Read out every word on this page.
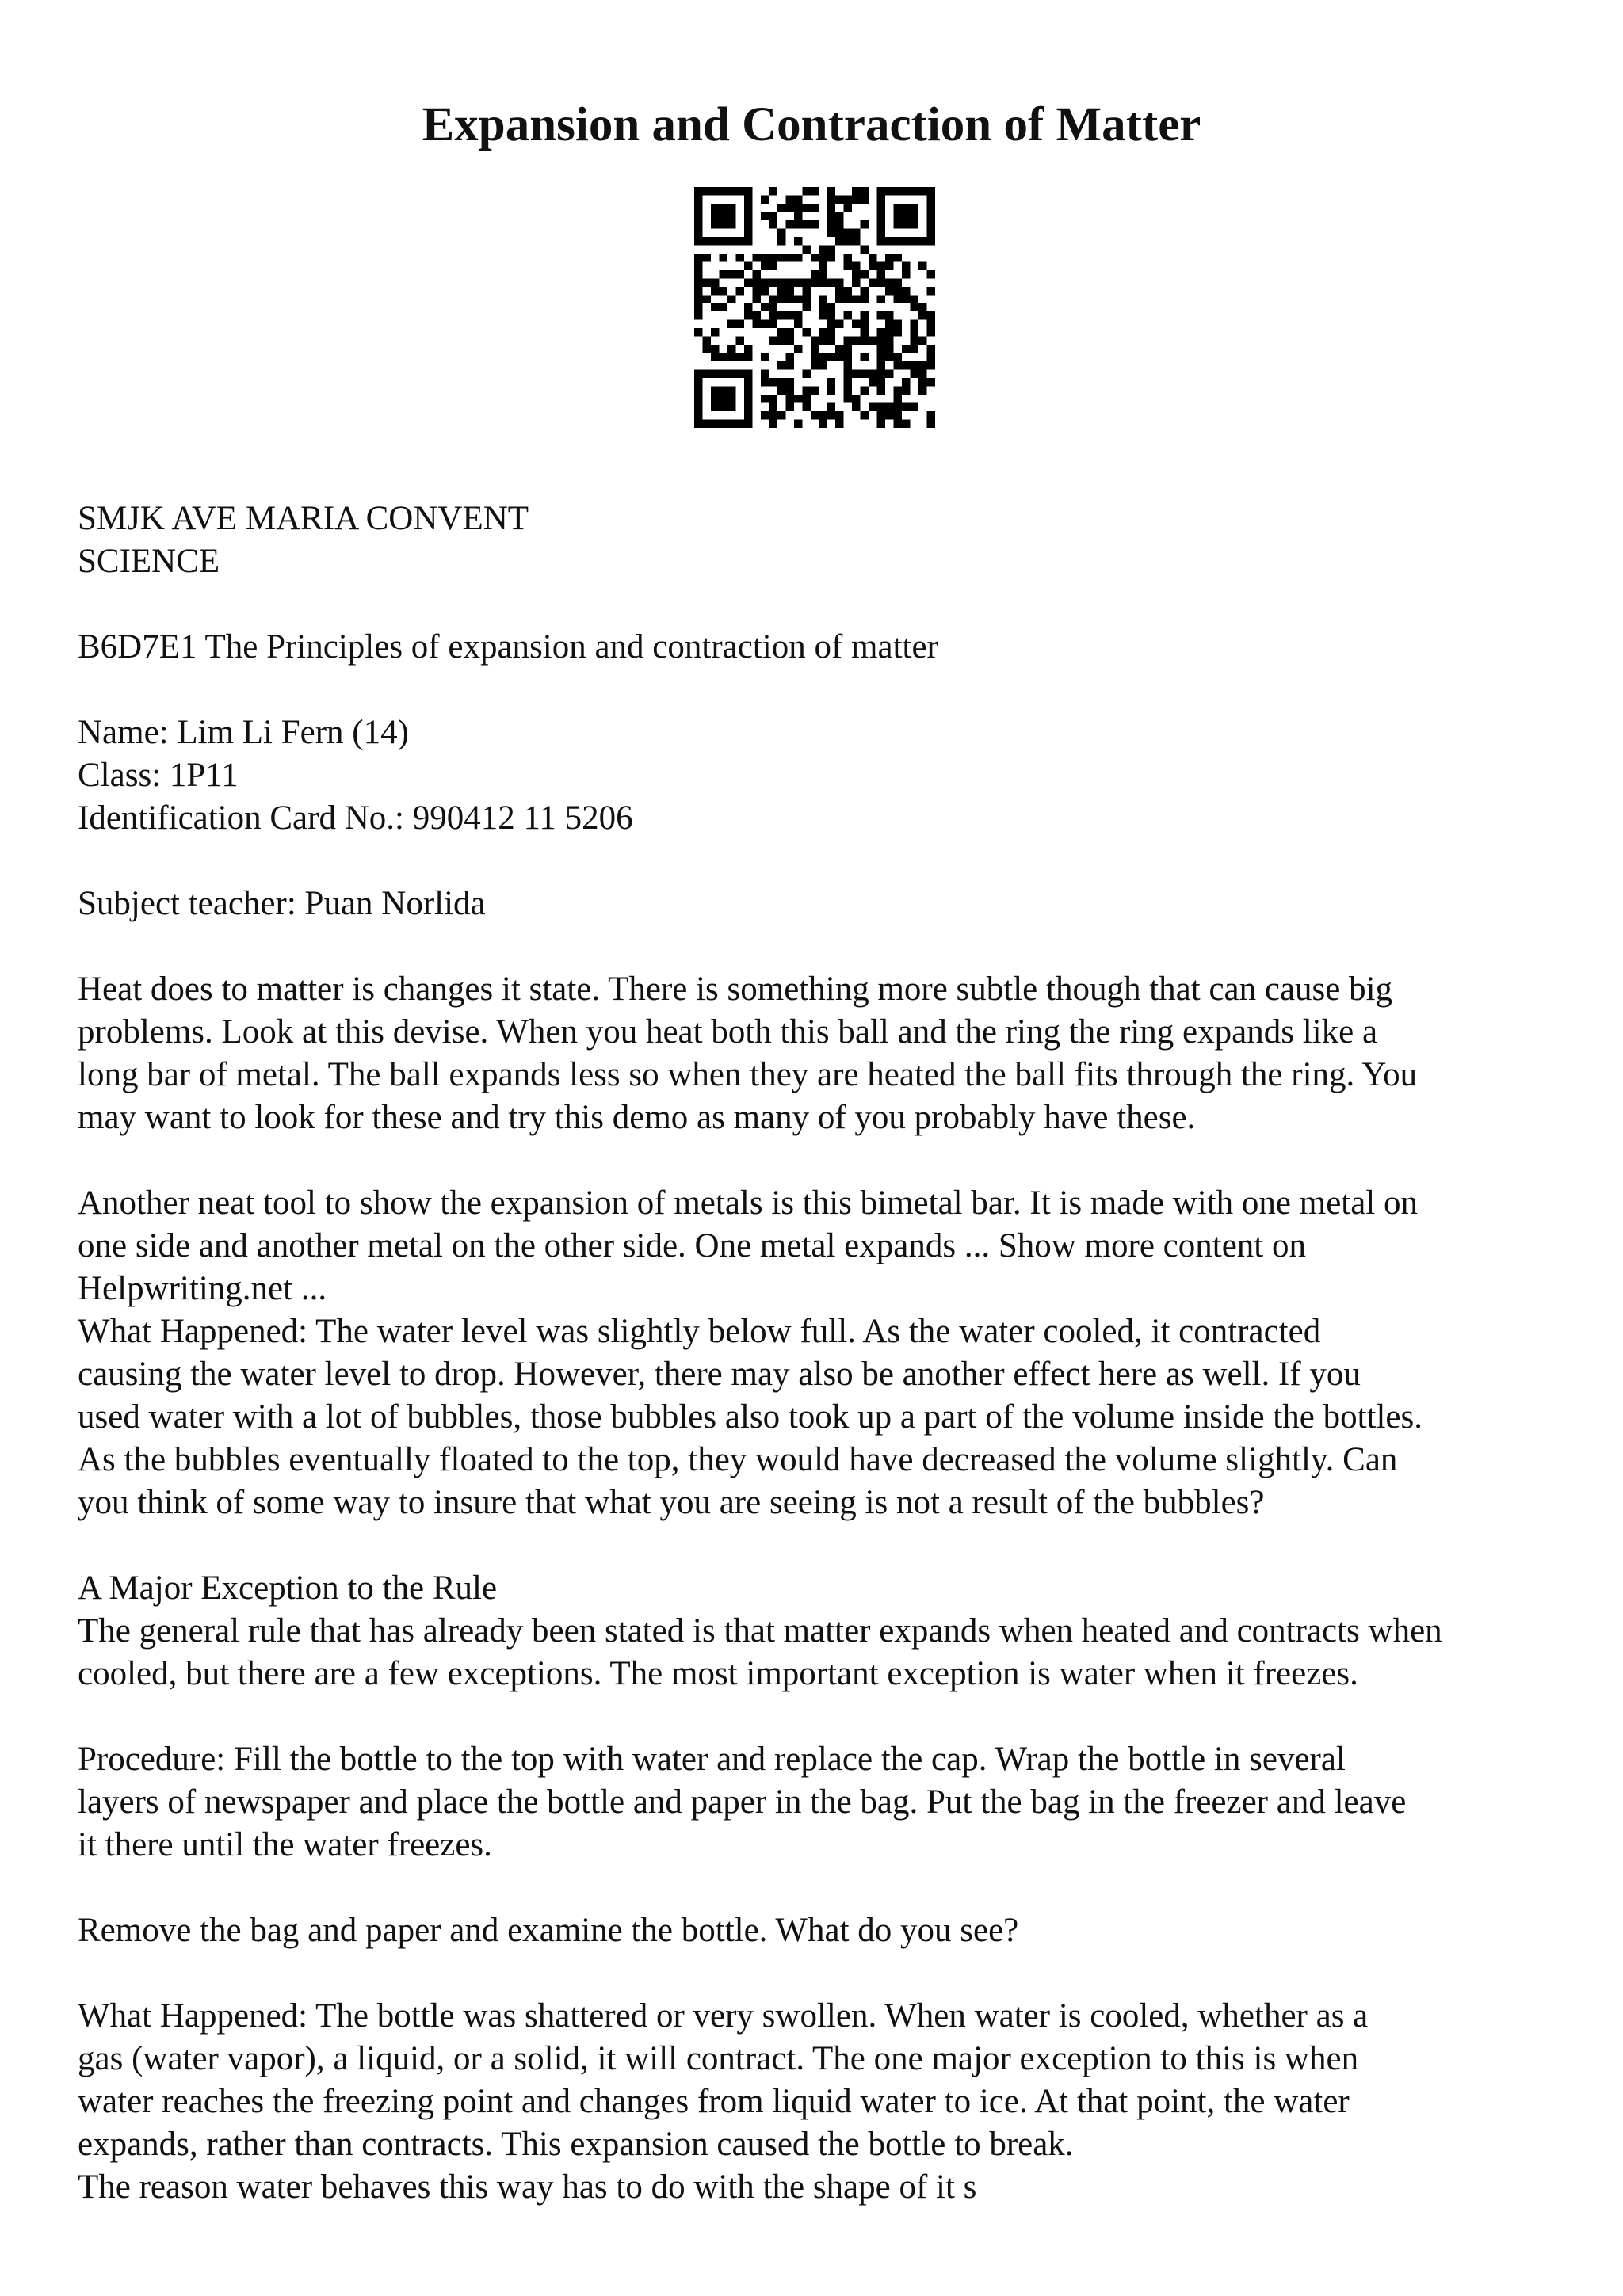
Expansion and Contraction of Matter

SMJK AVE MARIA CONVENT

SCIENCE

B6D7E1 The Principles of expansion and contraction of matter

Name: Lim Li Fern (14)

Class: 1P11

Identification Card No.: 990412 11 5206

Subject teacher: Puan Norlida

Heat does to matter is changes it state. There is something more subtle though that can cause big

problems. Look at this devise. When you heat both this ball and the ring the ring expands like a

long bar of metal. The ball expands less so when they are heated the ball fits through the ring. You

may want to look for these and try this demo as many of you probably have these.

Another neat tool to show the expansion of metals is this bimetal bar. It is made with one metal on

one side and another metal on the other side. One metal expands ... Show more content on

Helpwriting.net ...

What Happened: The water level was slightly below full. As the water cooled, it contracted

causing the water level to drop. However, there may also be another effect here as well. If you

used water with a lot of bubbles, those bubbles also took up a part of the volume inside the bottles.

As the bubbles eventually floated to the top, they would have decreased the volume slightly. Can

you think of some way to insure that what you are seeing is not a result of the bubbles?

A Major Exception to the Rule

The general rule that has already been stated is that matter expands when heated and contracts when

cooled, but there are a few exceptions. The most important exception is water when it freezes.

Procedure: Fill the bottle to the top with water and replace the cap. Wrap the bottle in several

layers of newspaper and place the bottle and paper in the bag. Put the bag in the freezer and leave

it there until the water freezes.

Remove the bag and paper and examine the bottle. What do you see?

What Happened: The bottle was shattered or very swollen. When water is cooled, whether as a

gas (water vapor), a liquid, or a solid, it will contract. The one major exception to this is when

water reaches the freezing point and changes from liquid water to ice. At that point, the water

expands, rather than contracts. This expansion caused the bottle to break.

The reason water behaves this way has to do with the shape of it s
